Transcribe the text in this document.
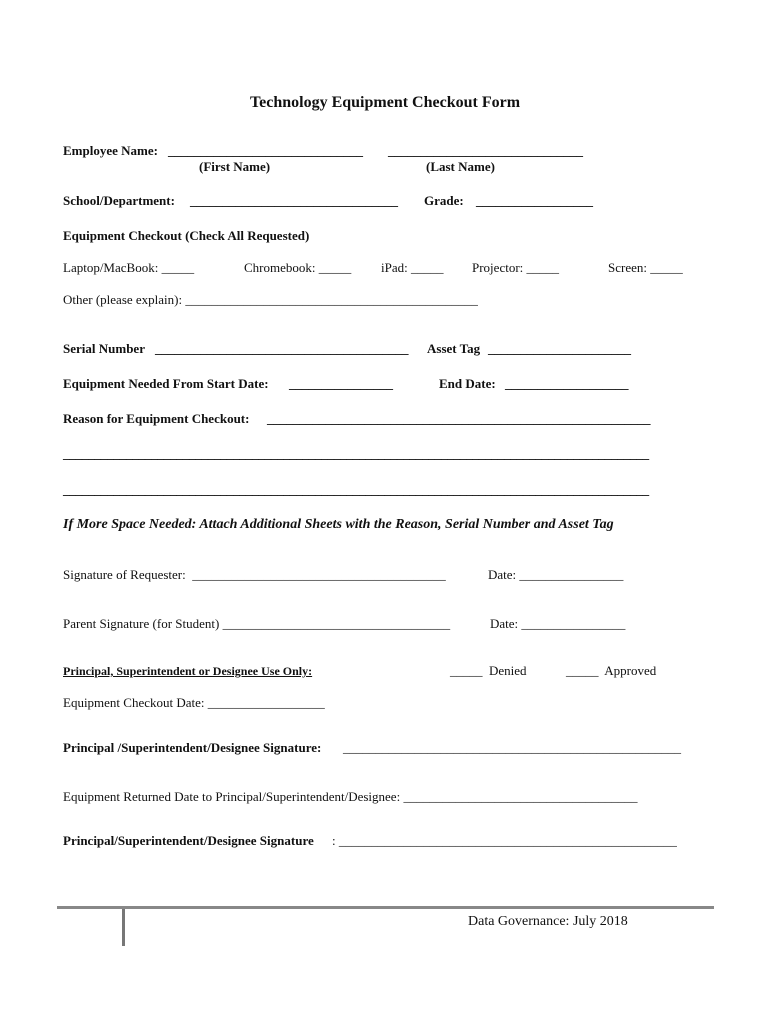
Technology Equipment Checkout Form
Employee Name: ______________________________ ______________________________
(First Name)	(Last Name)
School/Department: ________________________________ Grade: __________________
Equipment Checkout (Check All Requested)
Laptop/MacBook: _____	Chromebook: _____ iPad: _____ Projector: _____	Screen: _____
Other (please explain): _____________________________________________
Serial Number _______________________________________ Asset Tag ______________________
Equipment Needed From Start Date: ________________	End Date: ___________________
Reason for Equipment Checkout: ___________________________________________________________
_____________________________________________________________________________________________
_____________________________________________________________________________________________
If More Space Needed: Attach Additional Sheets with the Reason, Serial Number and Asset Tag
Signature of Requester:  _______________________________________	Date: ________________
Parent Signature (for Student) ___________________________________	Date: ________________
Principal, Superintendent or Designee Use Only:	_____  Denied	_____  Approved
Equipment Checkout Date: __________________
Principal /Superintendent/Designee Signature: ____________________________________________________
Equipment Returned Date to Principal/Superintendent/Designee: ____________________________________
Principal/Superintendent/Designee Signature : ____________________________________________________
Data Governance: July 2018
